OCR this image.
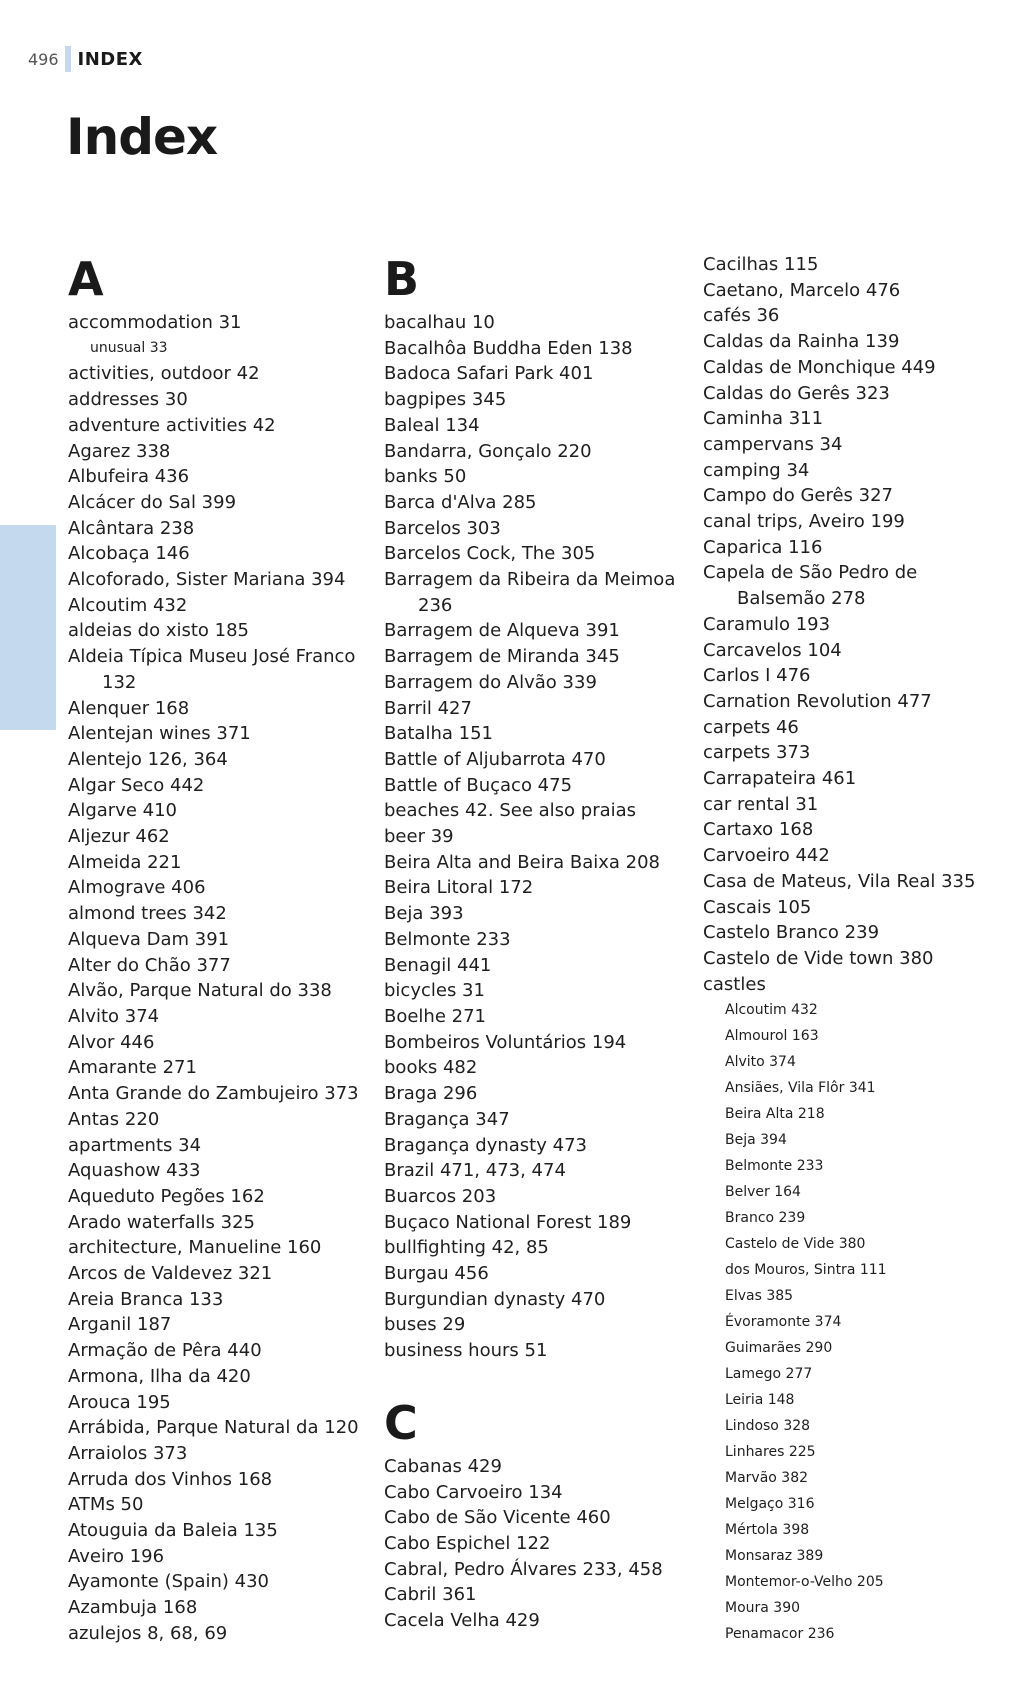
496 INDEX
Index
A
accommodation 31
unusual 33
activities, outdoor 42
addresses 30
adventure activities 42
Agarez 338
Albufeira 436
Alcácer do Sal 399
Alcântara 238
Alcobaça 146
Alcoforado, Sister Mariana 394
Alcoutim 432
aldeias do xisto 185
Aldeia Típica Museu José Franco
132
Alenquer 168
Alentejan wines 371
Alentejo 126, 364
Algar Seco 442
Algarve 410
Aljezur 462
Almeida 221
Almograve 406
almond trees 342
Alqueva Dam 391
Alter do Chão 377
Alvão, Parque Natural do 338
Alvito 374
Alvor 446
Amarante 271
Anta Grande do Zambujeiro 373
Antas 220
apartments 34
Aquashow 433
Aqueduto Pegões 162
Arado waterfalls 325
architecture, Manueline 160
Arcos de Valdevez 321
Areia Branca 133
Arganil 187
Armação de Pêra 440
Armona, Ilha da 420
Arouca 195
Arrábida, Parque Natural da 120
Arraiolos 373
Arruda dos Vinhos 168
ATMs 50
Atouguia da Baleia 135
Aveiro 196
Ayamonte (Spain) 430
Azambuja 168
azulejos 8, 68, 69
B
bacalhau 10
Bacalhôa Buddha Eden 138
Badoca Safari Park 401
bagpipes 345
Baleal 134
Bandarra, Gonçalo 220
banks 50
Barca d'Alva 285
Barcelos 303
Barcelos Cock, The 305
Barragem da Ribeira da Meimoa
236
Barragem de Alqueva 391
Barragem de Miranda 345
Barragem do Alvão 339
Barril 427
Batalha 151
Battle of Aljubarrota 470
Battle of Buçaco 475
beaches 42. See also praias
beer 39
Beira Alta and Beira Baixa 208
Beira Litoral 172
Beja 393
Belmonte 233
Benagil 441
bicycles 31
Boelhe 271
Bombeiros Voluntários 194
books 482
Braga 296
Bragança 347
Bragança dynasty 473
Brazil 471, 473, 474
Buarcos 203
Buçaco National Forest 189
bullfighting 42, 85
Burgau 456
Burgundian dynasty 470
buses 29
business hours 51
C
Cabanas 429
Cabo Carvoeiro 134
Cabo de São Vicente 460
Cabo Espichel 122
Cabral, Pedro Álvares 233, 458
Cabril 361
Cacela Velha 429
Cacilhas 115
Caetano, Marcelo 476
cafés 36
Caldas da Rainha 139
Caldas de Monchique 449
Caldas do Gerês 323
Caminha 311
campervans 34
camping 34
Campo do Gerês 327
canal trips, Aveiro 199
Caparica 116
Capela de São Pedro de
Balsemão 278
Caramulo 193
Carcavelos 104
Carlos I 476
Carnation Revolution 477
carpets 46
carpets 373
Carrapateira 461
car rental 31
Cartaxo 168
Carvoeiro 442
Casa de Mateus, Vila Real 335
Cascais 105
Castelo Branco 239
Castelo de Vide town 380
castles
Alcoutim 432
Almourol 163
Alvito 374
Ansiães, Vila Flôr 341
Beira Alta 218
Beja 394
Belmonte 233
Belver 164
Branco 239
Castelo de Vide 380
dos Mouros, Sintra 111
Elvas 385
Évoramonte 374
Guimarães 290
Lamego 277
Leiria 148
Lindoso 328
Linhares 225
Marvão 382
Melgaço 316
Mértola 398
Monsaraz 389
Montemor-o-Velho 205
Moura 390
Penamacor 236
